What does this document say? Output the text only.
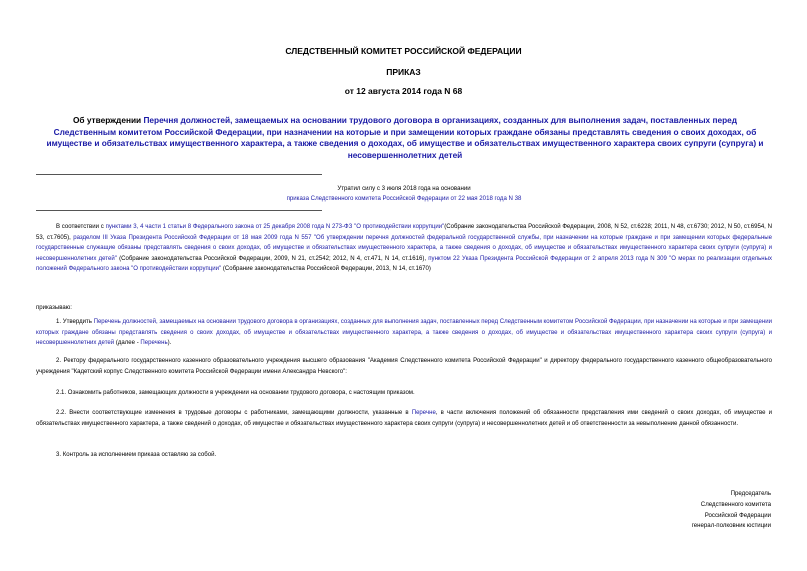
СЛЕДСТВЕННЫЙ КОМИТЕТ РОССИЙСКОЙ ФЕДЕРАЦИИ
ПРИКАЗ
от 12 августа 2014 года N 68
Об утверждении Перечня должностей, замещаемых на основании трудового договора в организациях, созданных для выполнения задач, поставленных перед Следственным комитетом Российской Федерации, при назначении на которые и при замещении которых граждане обязаны представлять сведения о своих доходах, об имуществе и обязательствах имущественного характера, а также сведения о доходах, об имуществе и обязательствах имущественного характера своих супруги (супруга) и несовершеннолетних детей
Утратил силу с 3 июля 2018 года на основании
приказа Следственного комитета Российской Федерации от 22 мая 2018 года N 38
В соответствии с пунктами 3, 4 части 1 статьи 8 Федерального закона от 25 декабря 2008 года N 273-ФЗ "О противодействии коррупции"(Собрание законодательства Российской Федерации, 2008, N 52, ст.6228; 2011, N 48, ст.6730; 2012, N 50, ст.6954, N 53, ст.7605), разделом III Указа Президента Российской Федерации от 18 мая 2009 года N 557 "Об утверждении перечня должностей федеральной государственной службы, при назначении на которые граждане и при замещении которых федеральные государственные служащие обязаны представлять сведения о своих доходах, об имуществе и обязательствах имущественного характера, а также сведения о доходах, об имуществе и обязательствах имущественного характера своих супруги (супруга) и несовершеннолетних детей" (Собрание законодательства Российской Федерации, 2009, N 21, ст.2542; 2012, N 4, ст.471, N 14, ст.1616), пунктом 22 Указа Президента Российской Федерации от 2 апреля 2013 года N 309 "О мерах по реализации отдельных положений Федерального закона "О противодействии коррупции" (Собрание законодательства Российской Федерации, 2013, N 14, ст.1670)
приказываю:
1. Утвердить Перечень должностей, замещаемых на основании трудового договора в организациях, созданных для выполнения задач, поставленных перед Следственным комитетом Российской Федерации, при назначении на которые и при замещении которых граждане обязаны представлять сведения о своих доходах, об имуществе и обязательствах имущественного характера, а также сведения о доходах, об имуществе и обязательствах имущественного характера своих супруги (супруга) и несовершеннолетних детей (далее - Перечень).
2. Ректору федерального государственного казенного образовательного учреждения высшего образования "Академия Следственного комитета Российской Федерации" и директору федерального государственного казенного общеобразовательного учреждения "Кадетский корпус Следственного комитета Российской Федерации имени Александра Невского":
2.1. Ознакомить работников, замещающих должности в учреждении на основании трудового договора, с настоящим приказом.
2.2. Внести соответствующие изменения в трудовые договоры с работниками, замещающими должности, указанные в Перечне, в части включения положений об обязанности представления ими сведений о своих доходах, об имуществе и обязательствах имущественного характера, а также сведений о доходах, об имуществе и обязательствах имущественного характера своих супруги (супруга) и несовершеннолетних детей и об ответственности за невыполнение данной обязанности.
3. Контроль за исполнением приказа оставляю за собой.
Председатель
Следственного комитета
Российской Федерации
генерал-полковник юстиции
